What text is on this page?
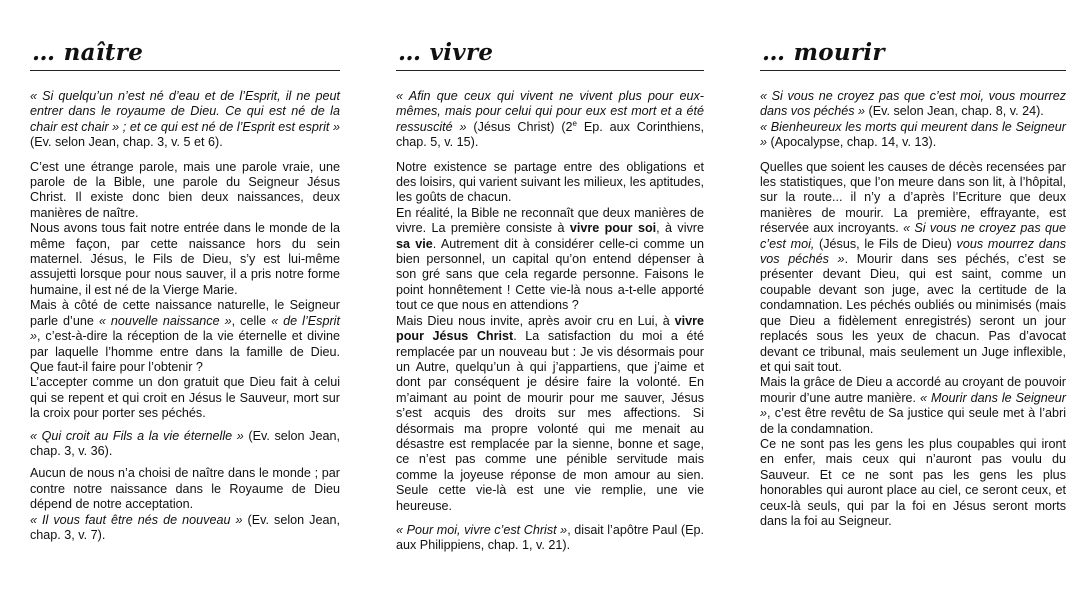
… naître

« Si quelqu’un n’est né d’eau et de l’Esprit, il ne peut entrer dans le royaume de Dieu. Ce qui est né de la chair est chair » ; et ce qui est né de l’Esprit est esprit » (Ev. selon Jean, chap. 3, v. 5 et 6).

C’est une étrange parole, mais une parole vraie, une parole de la Bible, une parole du Seigneur Jésus Christ. Il existe donc bien deux naissances, deux manières de naître.

Nous avons tous fait notre entrée dans le monde de la même façon, par cette naissance hors du sein maternel. Jésus, le Fils de Dieu, s’y est lui-même assujetti lorsque pour nous sauver, il a pris notre forme humaine, il est né de la Vierge Marie.

Mais à côté de cette naissance naturelle, le Seigneur parle d’une « nouvelle naissance », celle « de l’Esprit », c’est-à-dire la réception de la vie éternelle et divine par laquelle l’homme entre dans la famille de Dieu. Que faut-il faire pour l’obtenir ?

L’accepter comme un don gratuit que Dieu fait à celui qui se repent et qui croit en Jésus le Sauveur, mort sur la croix pour porter ses péchés.

« Qui croit au Fils a la vie éternelle » (Ev. selon Jean, chap. 3, v. 36).

Aucun de nous n’a choisi de naître dans le monde ; par contre notre naissance dans le Royaume de Dieu dépend de notre acceptation.

« Il vous faut être nés de nouveau » (Ev. selon Jean, chap. 3, v. 7).

… vivre

« Afin que ceux qui vivent ne vivent plus pour eux-mêmes, mais pour celui qui pour eux est mort et a été ressuscité » (Jésus Christ) (2e Ep. aux Corinthiens, chap. 5, v. 15).

Notre existence se partage entre des obligations et des loisirs, qui varient suivant les milieux, les aptitudes, les goûts de chacun.

En réalité, la Bible ne reconnaît que deux manières de vivre. La première consiste à vivre pour soi, à vivre sa vie. Autrement dit à considérer celle-ci comme un bien personnel, un capital qu’on entend dépenser à son gré sans que cela regarde personne. Faisons le point honnêtement ! Cette vie-là nous a-t-elle apporté tout ce que nous en attendions ?

Mais Dieu nous invite, après avoir cru en Lui, à vivre pour Jésus Christ. La satisfaction du moi a été remplacée par un nouveau but : Je vis désormais pour un Autre, quelqu’un à qui j’appartiens, que j’aime et dont par conséquent je désire faire la volonté. En m’aimant au point de mourir pour me sauver, Jésus s’est acquis des droits sur mes affections. Si désormais ma propre volonté qui me menait au désastre est remplacée par la sienne, bonne et sage, ce n’est pas comme une pénible servitude mais comme la joyeuse réponse de mon amour au sien. Seule cette vie-là est une vie remplie, une vie heureuse.

« Pour moi, vivre c’est Christ », disait l’apôtre Paul (Ep. aux Philippiens, chap. 1, v. 21).

… mourir

« Si vous ne croyez pas que c’est moi, vous mourrez dans vos péchés » (Ev. selon Jean, chap. 8, v. 24).

« Bienheureux les morts qui meurent dans le Seigneur » (Apocalypse, chap. 14, v. 13).

Quelles que soient les causes de décès recensées par les statistiques, que l’on meure dans son lit, à l’hôpital, sur la route... il n’y a d’après l’Ecriture que deux manières de mourir. La première, effrayante, est réservée aux incroyants. « Si vous ne croyez pas que c’est moi, (Jésus, le Fils de Dieu) vous mourrez dans vos péchés ». Mourir dans ses péchés, c’est se présenter devant Dieu, qui est saint, comme un coupable devant son juge, avec la certitude de la condamnation. Les péchés oubliés ou minimisés (mais que Dieu a fidèlement enregistrés) seront un jour replacés sous les yeux de chacun. Pas d’avocat devant ce tribunal, mais seulement un Juge inflexible, et qui sait tout.

Mais la grâce de Dieu a accordé au croyant de pouvoir mourir d’une autre manière. « Mourir dans le Seigneur », c’est être revêtu de Sa justice qui seule met à l’abri de la condamnation.

Ce ne sont pas les gens les plus coupables qui iront en enfer, mais ceux qui n’auront pas voulu du Sauveur. Et ce ne sont pas les gens les plus honorables qui auront place au ciel, ce seront ceux, et ceux-là seuls, qui par la foi en Jésus seront morts dans la foi au Seigneur.
